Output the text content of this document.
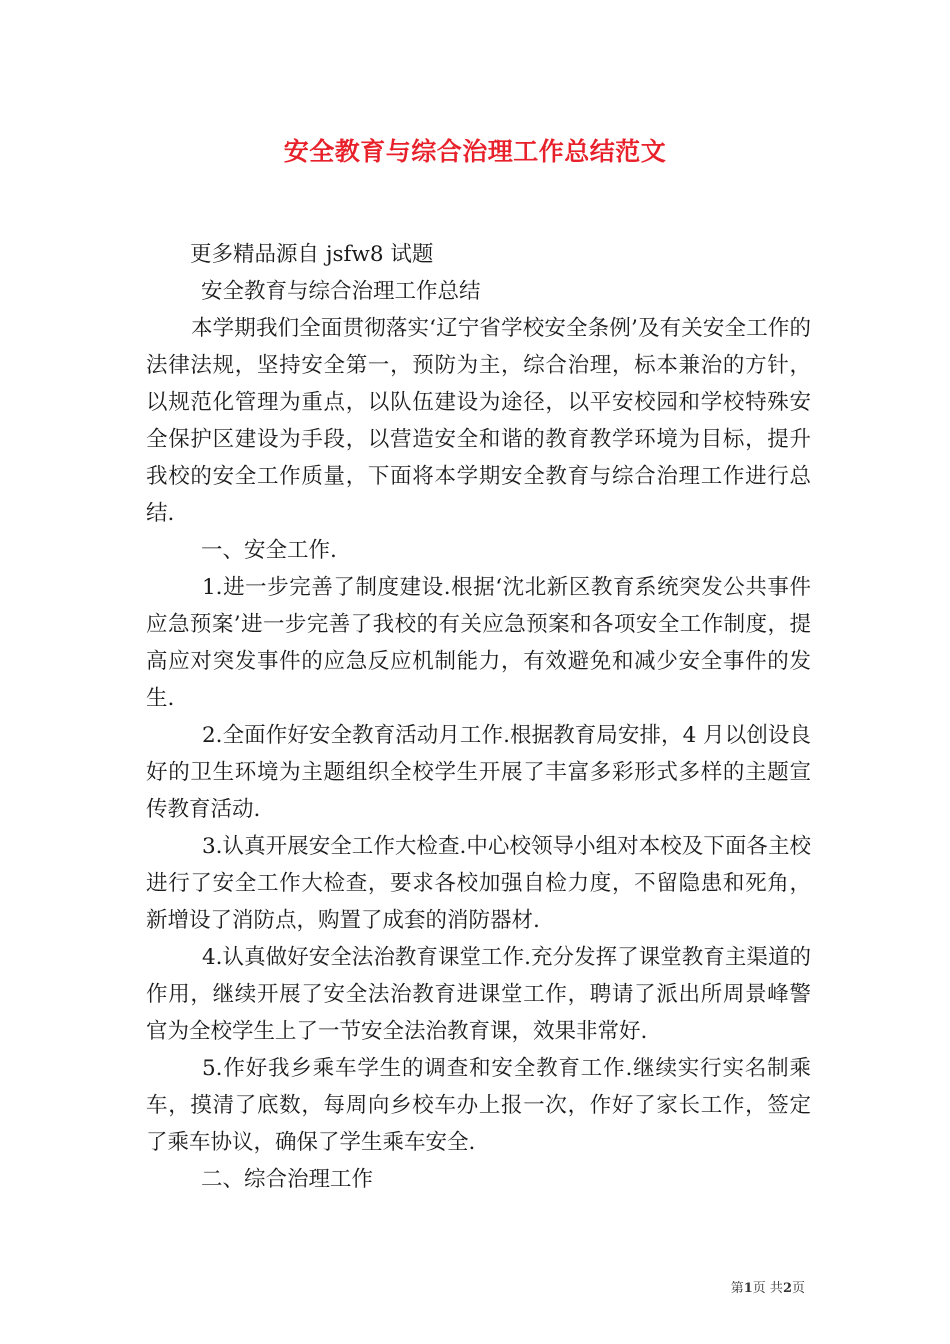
安全教育与综合治理工作总结范文

更多精品源自 jsfw8 试题

安全教育与综合治理工作总结

本学期我们全面贯彻落实‘辽宁省学校安全条例’及有关安全工作的法律法规，坚持安全第一，预防为主，综合治理，标本兼治的方针，以规范化管理为重点，以队伍建设为途径，以平安校园和学校特殊安全保护区建设为手段，以营造安全和谐的教育教学环境为目标，提升我校的安全工作质量，下面将本学期安全教育与综合治理工作进行总结.

一、安全工作.

1.进一步完善了制度建设.根据‘沈北新区教育系统突发公共事件应急预案’进一步完善了我校的有关应急预案和各项安全工作制度，提高应对突发事件的应急反应机制能力，有效避免和减少安全事件的发生.

2.全面作好安全教育活动月工作.根据教育局安排，4 月以创设良好的卫生环境为主题组织全校学生开展了丰富多彩形式多样的主题宣传教育活动.

3.认真开展安全工作大检查.中心校领导小组对本校及下面各主校进行了安全工作大检查，要求各校加强自检力度，不留隐患和死角，新增设了消防点，购置了成套的消防器材.

4.认真做好安全法治教育课堂工作.充分发挥了课堂教育主渠道的作用，继续开展了安全法治教育进课堂工作，聘请了派出所周景峰警官为全校学生上了一节安全法治教育课，效果非常好.

5.作好我乡乘车学生的调查和安全教育工作.继续实行实名制乘车，摸清了底数，每周向乡校车办上报一次，作好了家长工作，签定了乘车协议，确保了学生乘车安全.

二、综合治理工作

第1页 共2页
